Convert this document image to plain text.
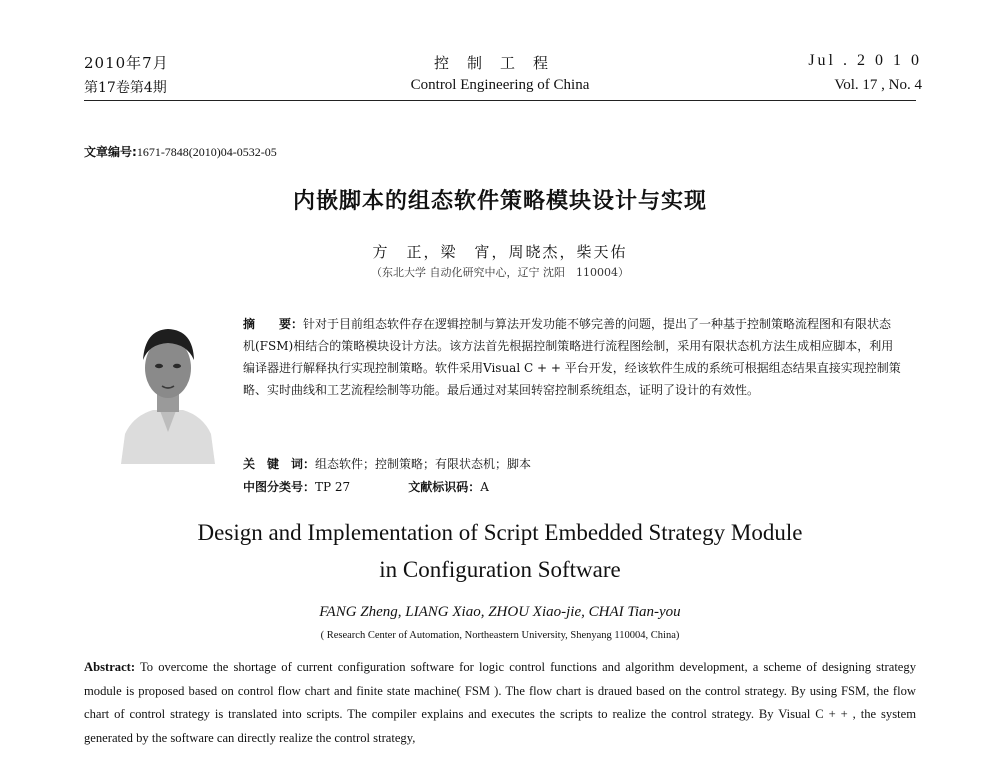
2010年7月
第17卷第4期
控制工程
Control Engineering of China
Jul . 2 0 1 0
Vol. 17 , No. 4
文章编号:1671-7848(2010)04-0532-05
内嵌脚本的组态软件策略模块设计与实现
方　正，梁　宵，周晓杰，柴天佑
（东北大学 自动化研究中心，辽宁 沈阳　110004）
摘　　要：针对于目前组态软件存在逻辑控制与算法开发功能不够完善的问题，提出了一种基于控制策略流程图和有限状态机(FSM)相结合的策略模块设计方法。该方法首先根据控制策略进行流程图绘制，采用有限状态机方法生成相应脚本，利用编译器进行解释执行实现控制策略。软件采用Visual C + + 平台开发，经该软件生成的系统可根据组态结果直接实现控制策略、实时曲线和工艺流程绘制等功能。最后通过对某回转窑控制系统组态，证明了设计的有效性。
关　键　词：组态软件；控制策略；有限状态机；脚本
中图分类号：TP 27	文献标识码：A
Design and Implementation of Script Embedded Strategy Module
in Configuration Software
FANG Zheng, LIANG Xiao, ZHOU Xiao-jie, CHAI Tian-you
( Research Center of Automation, Northeastern University, Shenyang 110004, China)
Abstract: To overcome the shortage of current configuration software for logic control functions and algorithm development, a scheme of designing strategy module is proposed based on control flow chart and finite state machine( FSM ). The flow chart is draued based on the control strategy. By using FSM, the flow chart of control strategy is translated into scripts. The compiler explains and executes the scripts to realize the control strategy. By Visual C + + , the system generated by the software can directly realize the control strategy,
